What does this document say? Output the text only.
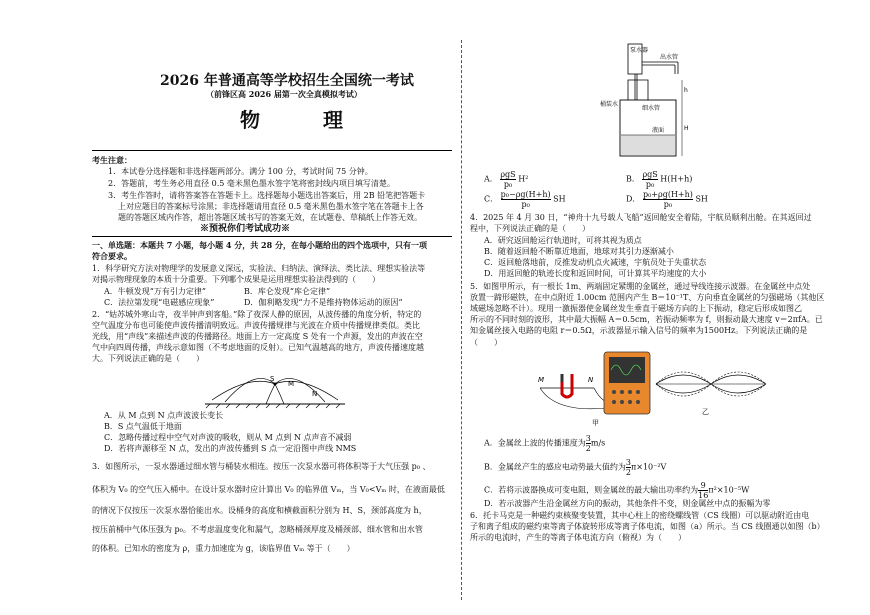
2026 年普通高等学校招生全国统一考试
（前锋区高 2026 届第一次全真模拟考试）
物 理
考生注意：
1．本试卷分选择题和非选择题两部分。满分 100 分，考试时间 75 分钟。
2．答题前，考生务必用直径 0.5 毫米黑色墨水签字笔将密封线内项目填写清楚。
3．考生作答时，请将答案答在答题卡上。选择题每小题选出答案后，用 2B 铅笔把答题卡
上对应题目的答案标号涂黑；非选择题请用直径 0.5 毫米黑色墨水签字笔在答题卡上各
题的答题区域内作答，超出答题区域书写的答案无效，在试题卷、草稿纸上作答无效。
※预祝你们考试成功※
一、单选题：本题共 7 小题，每小题 4 分，共 28 分，在每小题给出的四个选项中，只有一项
符合要求。
1．科学研究方法对物理学的发展意义深远，实验法、归纳法、演绎法、类比法、理想实验法等
对揭示物理现象的本质十分重要。下列哪个成果是运用理想实验法得到的（　　）
A．牛顿发现“万有引力定律”	B．库仑发现“库仑定律”
C．法拉第发现“电磁感应现象”	D．伽利略发现“力不是维持物体运动的原因”
2．“姑苏城外寒山寺，夜半钟声到客船。”除了夜深人静的原因，从波传播的角度分析，特定的
空气温度分布也可能使声波传播清明致远。声波传播规律与光波在介质中传播规律类似。类比
光线，用“声线”来描述声波的传播路径。地面上方一定高度 S 处有一个声源，发出的声波在空
气中向四周传播，声线示意如图（不考虑地面的反射）。已知气温越高的地方，声波传播速度越
大。下列说法正确的是（　　）
S
M
N
A．从 M 点到 N 点声波波长变长
B．S 点气温低于地面
C．忽略传播过程中空气对声波的吸收，则从 M 点到 N 点声音不减弱
D．若将声源移至 N 点，发出的声波传播到 S 点一定沿图中声线 NMS
3．如图所示，一泵水器通过细水管与桶装水相连。按压一次泵水器可将体积等于大气压强 p₀ 、
体积为 V₀ 的空气压入桶中。在设计泵水器时应计算出 V₀ 的临界值 Vₘ，当 V₀<Vₘ 时，在液面最低
的情况下仅按压一次泵水器恰能出水。设桶身的高度和横截面积分别为 H、S，颈部高度为 h，
按压前桶中气体压强为 p₀。不考虑温度变化和漏气，忽略桶颈厚度及桶颈部、细水管和出水管
的体积。已知水的密度为 ρ，重力加速度为 g，该临界值 Vₘ 等于（　　）
泵水器
出水管
桶装水
细水管
液面
h
H
A． ρgS
p₀
H²	B． ρgS
p₀
H(H+h)
C． $\frac{\text{p₀−ρg(H+h)}}{\text{p₀}}$ SH	D． $\frac{\text{p₀+ρg(H+h)}}{\text{p₀}}$ SH
4．2025 年 4 月 30 日，“神舟十九号载人飞船”返回舱安全着陆，宇航员顺利出舱。在其返回过
程中，下列说法正确的是（　　）
A．研究返回舱运行轨道时，可将其视为质点
B．随着返回舱不断靠近地面，地球对其引力逐渐减小
C．返回舱落地前，反推发动机点火减速，宇航员处于失重状态
D．用返回舱的轨迹长度和返回时间，可计算其平均速度的大小
5．如图甲所示，有一根长 1m、两端固定紧绷的金属丝，通过导线连接示波器。在金属丝中点处
放置一蹄形磁铁，在中点附近 1.00cm 范围内产生 B＝10⁻¹T、方向垂直金属丝的匀强磁场（其他区
域磁场忽略不计）。现用一激振器使金属丝发生垂直于磁场方向的上下振动，稳定后形成如图乙
所示的不同时刻的波形，其中最大振幅 A＝0.5cm，若振动频率为 f，则振动最大速度 v＝2πfA。已
知金属丝接入电路的电阻 r＝0.5Ω，示波器显示输入信号的频率为1500Hz。下列说法正确的是
（　　）
M	N
甲
乙
A．金属丝上波的传播速度为 $\frac{3}{2} m/s$
B．金属丝产生的感应电动势最大值约为 $\frac{3}{2} \pi\times 10^{-2}V$
C．若将示波器换成可变电阻，则金属丝的最大输出功率约为 $\frac{9}{16} \pi^2\times 10^{-5}W$
D．若示波器产生沿金属丝方向的振动，其他条件不变，则金属丝中点的振幅为零
6．托卡马克是一种磁约束核聚变装置，其中心柱上的密绕螺线管（CS 线圈）可以驱动附近由电
子和离子组成的磁约束等离子体旋转形成等离子体电流，如图（a）所示。当 CS 线圈通以如图（b）
所示的电流时，产生的等离子体电流方向（俯视）为（　　）
